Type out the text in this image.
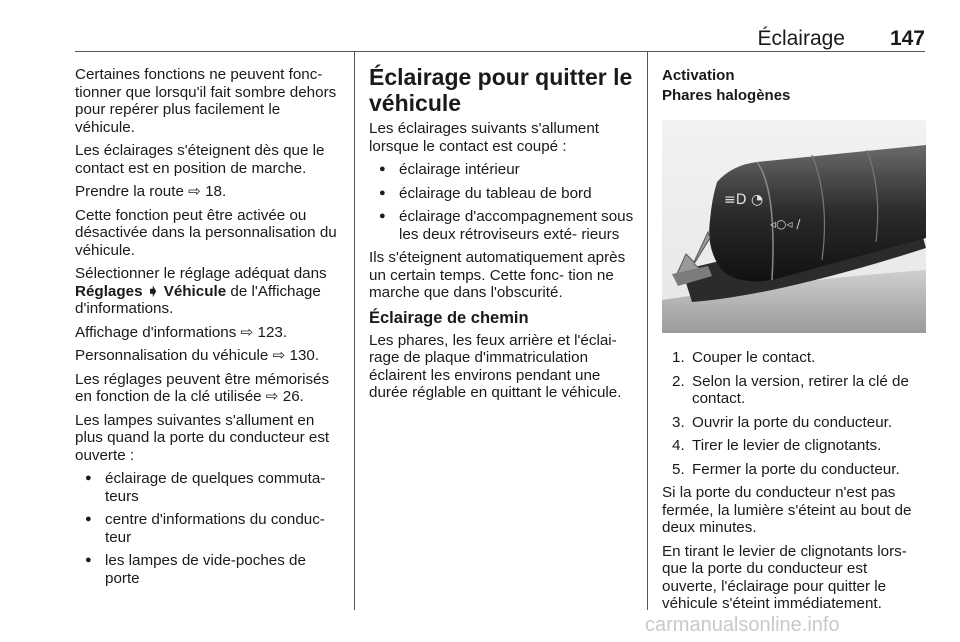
Éclairage 147

Certaines fonctions ne peuvent fonc- tionner que lorsqu'il fait sombre dehors pour repérer plus facilement le véhicule.

Les éclairages s'éteignent dès que le contact est en position de marche.

Prendre la route ⇨ 18.

Cette fonction peut être activée ou désactivée dans la personnalisation du véhicule.

Sélectionner le réglage adéquat dans Réglages ➧ Véhicule de l'Affichage d'informations.

Affichage d'informations ⇨ 123.

Personnalisation du véhicule ⇨ 130.

Les réglages peuvent être mémorisés en fonction de la clé utilisée ⇨ 26.

Les lampes suivantes s'allument en plus quand la porte du conducteur est ouverte :

● éclairage de quelques commuta- teurs
● centre d'informations du conduc- teur
● les lampes de vide-poches de porte
Éclairage pour quitter le véhicule

Les éclairages suivants s'allument lorsque le contact est coupé :

● éclairage intérieur
● éclairage du tableau de bord
● éclairage d'accompagnement sous les deux rétroviseurs exté- rieurs

Ils s'éteignent automatiquement après un certain temps. Cette fonc- tion ne marche que dans l'obscurité.

Éclairage de chemin

Les phares, les feux arrière et l'éclai- rage de plaque d'immatriculation éclairent les environs pendant une durée réglable en quittant le véhicule.

Activation
Phares halogènes
≡D ◔
◃○◃ /
1. Couper le contact.
2. Selon la version, retirer la clé de contact.
3. Ouvrir la porte du conducteur.
4. Tirer le levier de clignotants.
5. Fermer la porte du conducteur.

Si la porte du conducteur n'est pas fermée, la lumière s'éteint au bout de deux minutes.

En tirant le levier de clignotants lors- que la porte du conducteur est ouverte, l'éclairage pour quitter le véhicule s'éteint immédiatement.

carmanualsonline.info
